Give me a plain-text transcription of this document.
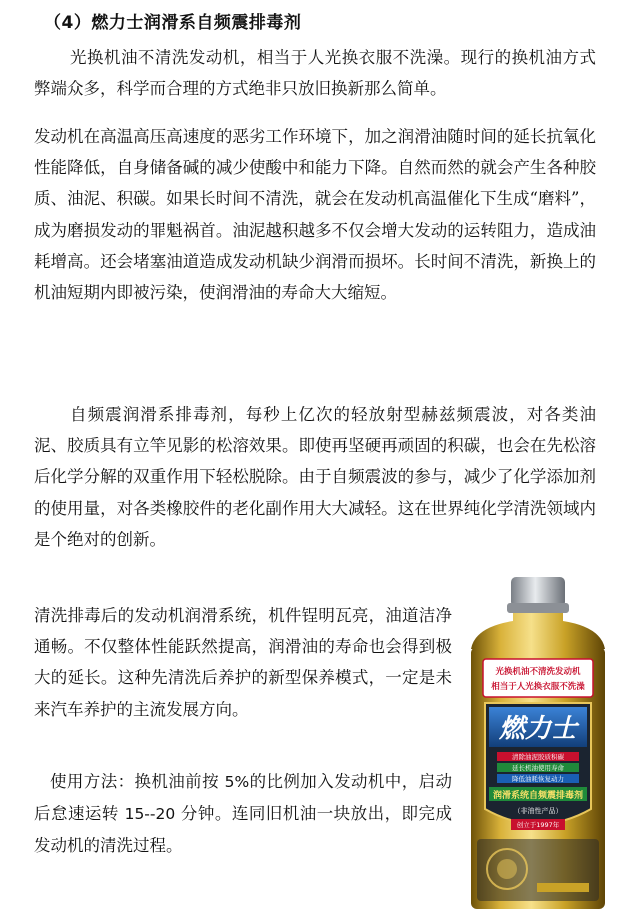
（4）燃力士润滑系自频震排毒剂

光换机油不清洗发动机，相当于人光换衣服不洗澡。现行的换机油方式弊端众多，科学而合理的方式绝非只放旧换新那么简单。

发动机在高温高压高速度的恶劣工作环境下，加之润滑油随时间的延长抗氧化性能降低，自身储备碱的减少使酸中和能力下降。自然而然的就会产生各种胶质、油泥、积碳。如果长时间不清洗，就会在发动机高温催化下生成“磨料”，成为磨损发动的罪魁祸首。油泥越积越多不仅会增大发动的运转阻力，造成油耗增高。还会堵塞油道造成发动机缺少润滑而损坏。长时间不清洗，新换上的机油短期内即被污染，使润滑油的寿命大大缩短。

自频震润滑系排毒剂，每秒上亿次的轻放射型赫兹频震波，对各类油泥、胶质具有立竿见影的松溶效果。即使再坚硬再顽固的积碳，也会在先松溶后化学分解的双重作用下轻松脱除。由于自频震波的参与，减少了化学添加剂的使用量，对各类橡胶件的老化副作用大大减轻。这在世界纯化学清洗领域内是个绝对的创新。

清洗排毒后的发动机润滑系统，机件锃明瓦亮，油道洁净通畅。不仅整体性能跃然提高，润滑油的寿命也会得到极大的延长。这种先清洗后养护的新型保养模式，一定是未来汽车养护的主流发展方向。

使用方法：换机油前按 5%的比例加入发动机中，启动后怠速运转 15--20 分钟。连同旧机油一块放出，即完成发动机的清洗过程。

光换机油不清洗发动机
相当于人光换衣服不洗澡
燃力士
清除油泥胶质积碳
延长机油使用寿命
降低油耗恢复动力
润滑系统自频震排毒剂
（非油性产品）
创立于1997年
